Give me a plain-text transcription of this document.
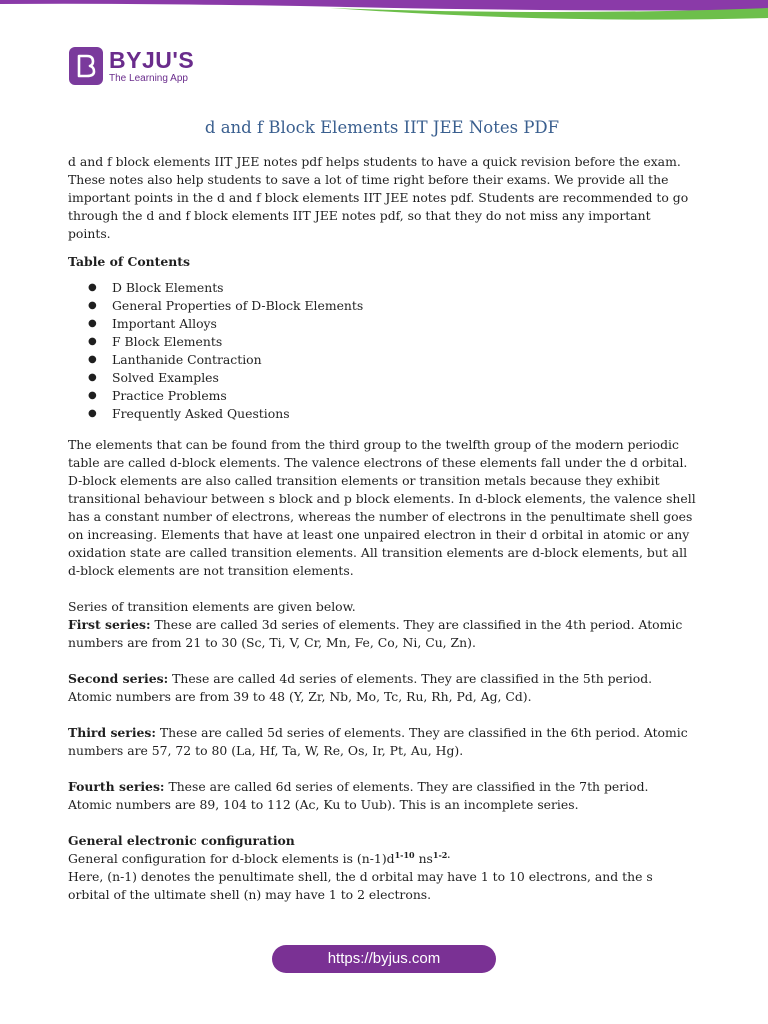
BYJU'S
The Learning App
d and f Block Elements IIT JEE Notes PDF

d and f block elements IIT JEE notes pdf helps students to have a quick revision before the exam. These notes also help students to save a lot of time right before their exams. We provide all the important points in the d and f block elements IIT JEE notes pdf. Students are recommended to go through the d and f block elements IIT JEE notes pdf, so that they do not miss any important points.

Table of Contents

● D Block Elements
● General Properties of D-Block Elements
● Important Alloys
● F Block Elements
● Lanthanide Contraction
● Solved Examples
● Practice Problems
● Frequently Asked Questions

The elements that can be found from the third group to the twelfth group of the modern periodic table are called d-block elements. The valence electrons of these elements fall under the d orbital. D-block elements are also called transition elements or transition metals because they exhibit transitional behaviour between s block and p block elements. In d-block elements, the valence shell has a constant number of electrons, whereas the number of electrons in the penultimate shell goes on increasing. Elements that have at least one unpaired electron in their d orbital in atomic or any oxidation state are called transition elements. All transition elements are d-block elements, but all d-block elements are not transition elements.

Series of transition elements are given below.

First series: These are called 3d series of elements. They are classified in the 4th period. Atomic numbers are from 21 to 30 (Sc, Ti, V, Cr, Mn, Fe, Co, Ni, Cu, Zn).

Second series: These are called 4d series of elements. They are classified in the 5th period. Atomic numbers are from 39 to 48 (Y, Zr, Nb, Mo, Tc, Ru, Rh, Pd, Ag, Cd).

Third series: These are called 5d series of elements. They are classified in the 6th period. Atomic numbers are 57, 72 to 80 (La, Hf, Ta, W, Re, Os, Ir, Pt, Au, Hg).

Fourth series: These are called 6d series of elements. They are classified in the 7th period. Atomic numbers are 89, 104 to 112 (Ac, Ku to Uub). This is an incomplete series.

General electronic configuration

General configuration for d-block elements is $(n-1)d^{1-10}$ $ns^{1-2.}$

Here, (n-1) denotes the penultimate shell, the d orbital may have 1 to 10 electrons, and the s orbital of the ultimate shell (n) may have 1 to 2 electrons.

https://byjus.com
